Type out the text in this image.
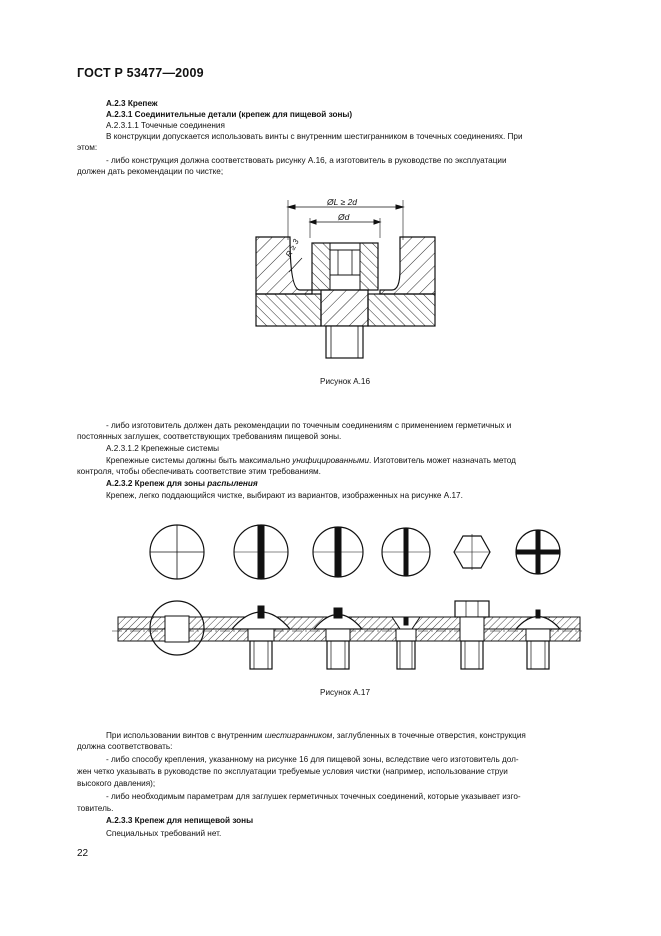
ГОСТ Р 53477—2009
А.2.3 Крепеж
А.2.3.1 Соединительные детали (крепеж для пищевой зоны)
А.2.3.1.1 Точечные соединения
В конструкции допускается использовать винты с внутренним шестигранником в точечных соединениях. При
этом:
- либо конструкция должна соответствовать рисунку А.16, а изготовитель в руководстве по эксплуатации
должен дать рекомендации по чистке;
ØL ≥ 2d
Ød
R ≥ 3
Рисунок А.16
- либо изготовитель должен дать рекомендации по точечным соединениям с применением герметичных и
постоянных заглушек, соответствующих требованиям пищевой зоны.
А.2.3.1.2 Крепежные системы
Крепежные системы должны быть максимально унифицированными. Изготовитель может назначать метод
контроля, чтобы обеспечивать соответствие этим требованиям.
А.2.3.2 Крепеж для зоны распыления
Крепеж, легко поддающийся чистке, выбирают из вариантов, изображенных на рисунке А.17.
Рисунок А.17
При использовании винтов с внутренним шестигранником, заглубленных в точечные отверстия, конструкция
должна соответствовать:
- либо способу крепления, указанному на рисунке 16 для пищевой зоны, вследствие чего изготовитель дол-
жен четко указывать в руководстве по эксплуатации требуемые условия чистки (например, использование струи
высокого давления);
- либо необходимым параметрам для заглушек герметичных точечных соединений, которые указывает изго-
товитель.
А.2.3.3 Крепеж для непищевой зоны
Специальных требований нет.
22
